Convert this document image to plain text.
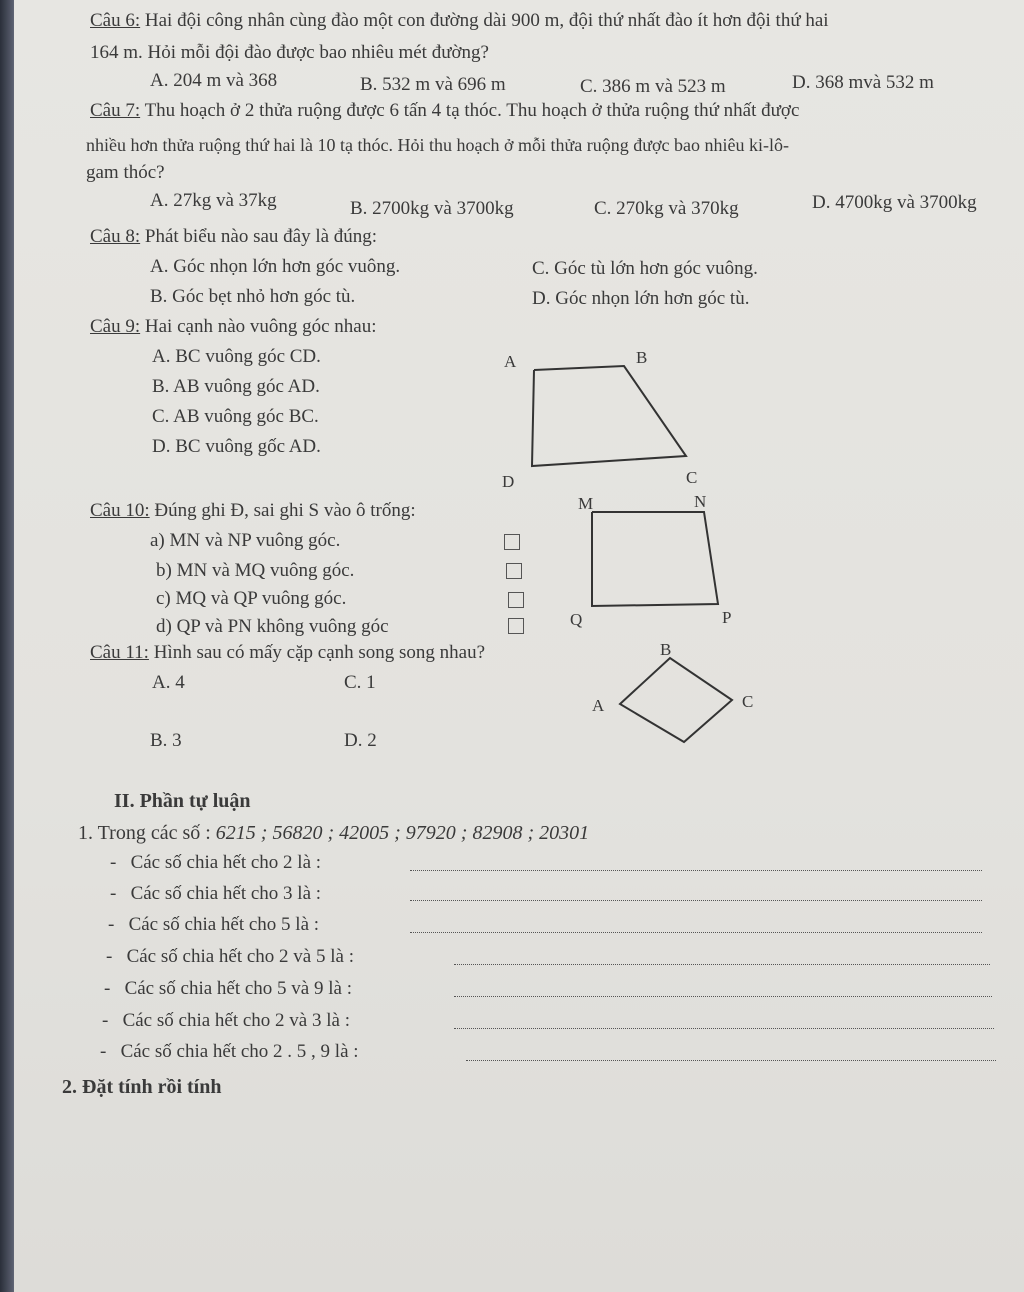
Câu 6: Hai đội công nhân cùng đào một con đường dài 900 m, đội thứ nhất đào ít hơn đội thứ hai
164 m. Hỏi mỗi đội đào được bao nhiêu mét đường?
A. 204 m và 368	B. 532 m và 696 m	C. 386 m và 523 m	D. 368 mvà 532 m
Câu 7: Thu hoạch ở 2 thửa ruộng được 6 tấn 4 tạ thóc. Thu hoạch ở thửa ruộng thứ nhất được
nhiều hơn thửa ruộng thứ hai là 10 tạ thóc. Hỏi thu hoạch ở mỗi thửa ruộng được bao nhiêu ki-lô-
gam thóc?
A. 27kg và 37kg	B. 2700kg và 3700kg	C. 270kg và 370kg	D. 4700kg và 3700kg
Câu 8: Phát biểu nào sau đây là đúng:
A. Góc nhọn lớn hơn góc vuông.	C. Góc tù lớn hơn góc vuông.
B. Góc bẹt nhỏ hơn góc tù.	D. Góc nhọn lớn hơn góc tù.
Câu 9: Hai cạnh nào vuông góc nhau:
A. BC vuông góc CD.
B. AB vuông góc AD.
C. AB vuông góc BC.
D. BC vuông gốc AD.
A	B
C
D
Câu 10: Đúng ghi Đ, sai ghi S vào ô trống:
a) MN và NP vuông góc.
b) MN và MQ vuông góc.
c) MQ và QP vuông góc.
d) QP và PN không vuông góc
M	N
P
Q
Câu 11: Hình sau có mấy cặp cạnh song song nhau?
A. 4	C. 1
B. 3	D. 2
B
A	C
II. Phần tự luận
1. Trong các số : 6215 ; 56820 ; 42005 ; 97920 ; 82908 ; 20301
- Các số chia hết cho 2 là :
- Các số chia hết cho 3 là :
- Các số chia hết cho 5 là :
- Các số chia hết cho 2 và 5 là :
- Các số chia hết cho 5 và 9 là :
- Các số chia hết cho 2 và 3 là :
- Các số chia hết cho 2 . 5 , 9 là :
2. Đặt tính rồi tính
